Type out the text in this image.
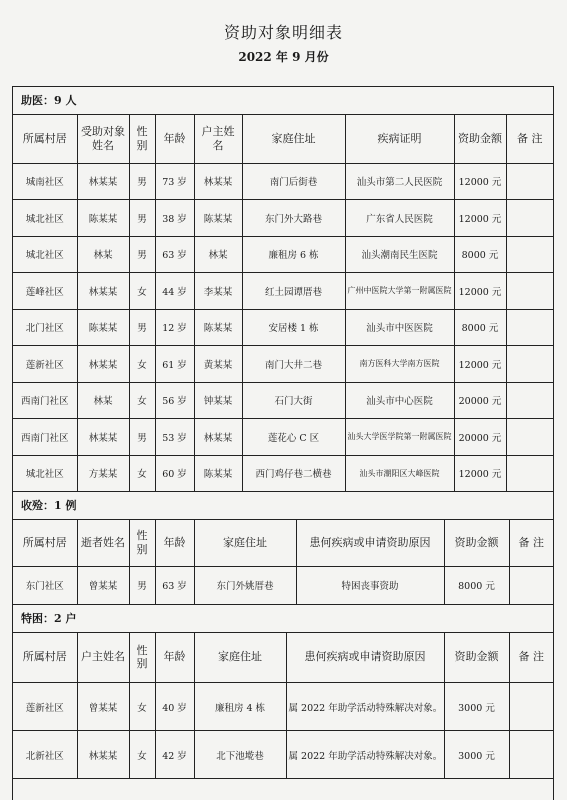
资助对象明细表
2022 年 9 月份
助医：9 人
所属村居	受助对象姓名	性别	年龄	户主姓名	家庭住址	疾病证明	资助金额	备 注
城南社区	林某某	男	73 岁	林某某	南门后街巷	汕头市第二人民医院	12000 元	
城北社区	陈某某	男	38 岁	陈某某	东门外大路巷	广东省人民医院	12000 元	
城北社区	林某	男	63 岁	林某	廉租房 6 栋	汕头潮南民生医院	8000 元	
莲峰社区	林某某	女	44 岁	李某某	红土园谭厝巷	广州中医院大学第一附属医院	12000 元	
北门社区	陈某某	男	12 岁	陈某某	安居楼 1 栋	汕头市中医医院	8000 元	
莲新社区	林某某	女	61 岁	黄某某	南门大井二巷	南方医科大学南方医院	12000 元	
西南门社区	林某	女	56 岁	钟某某	石门大街	汕头市中心医院	20000 元	
西南门社区	林某某	男	53 岁	林某某	莲花心 C 区	汕头大学医学院第一附属医院	20000 元	
城北社区	方某某	女	60 岁	陈某某	西门鸡仔巷二横巷	汕头市潮阳区大峰医院	12000 元	
收殓：1 例
所属村居	逝者姓名	性别	年龄	家庭住址	患何疾病或申请资助原因	资助金额	备 注
东门社区	曾某某	男	63 岁	东门外姚厝巷	特困丧事资助	8000 元	
特困：2 户
所属村居	户主姓名	性别	年龄	家庭住址	患何疾病或申请资助原因	资助金额	备 注
莲新社区	曾某某	女	40 岁	廉租房 4 栋	属 2022 年助学活动特殊解决对象。	3000 元	
北新社区	林某某	女	42 岁	北下池墘巷	属 2022 年助学活动特殊解决对象。	3000 元	
